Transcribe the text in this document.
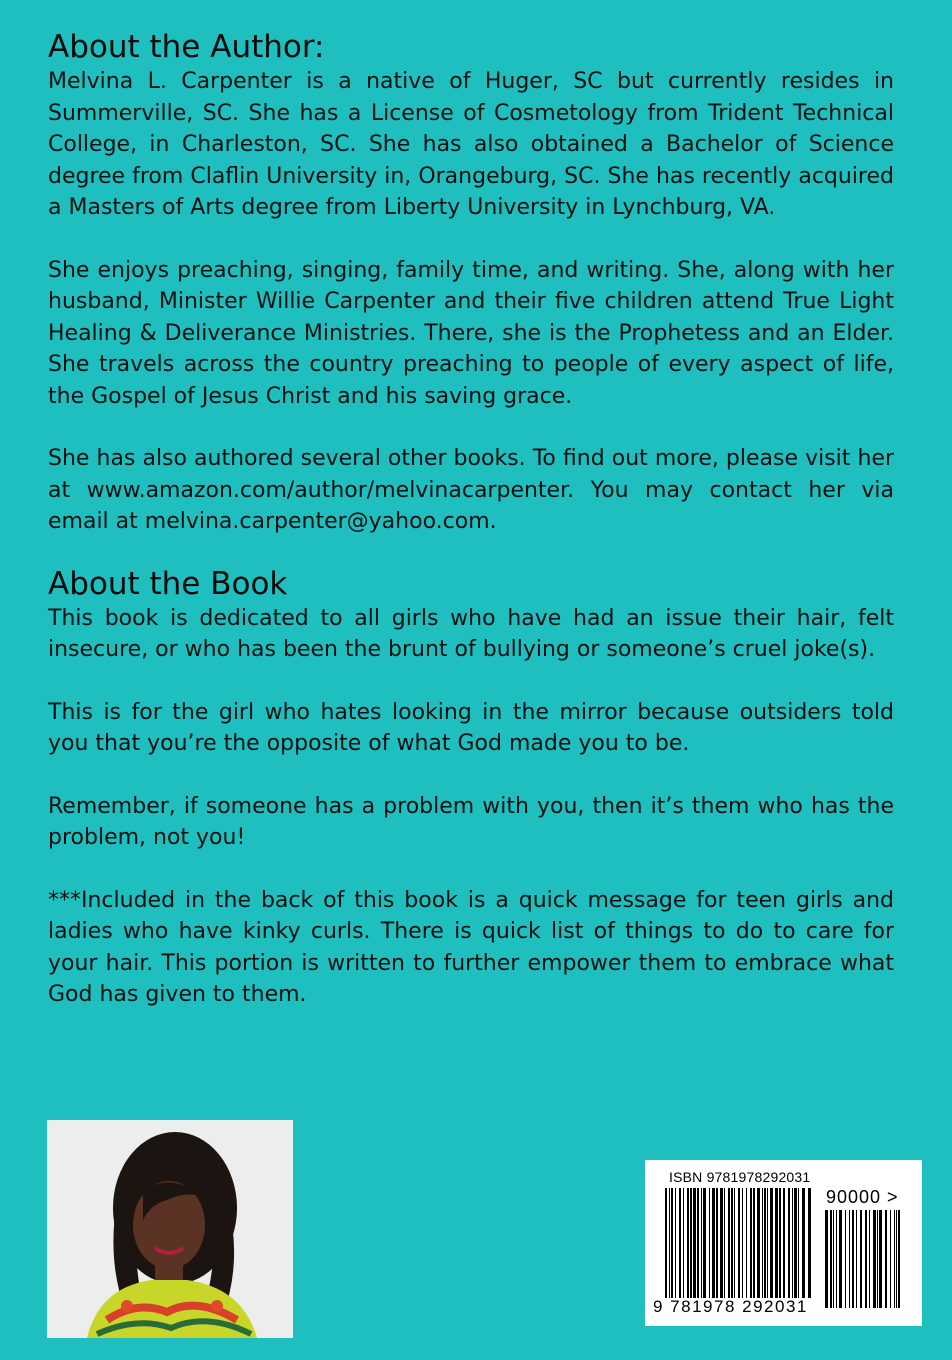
About the Author:

Melvina L. Carpenter is a native of Huger, SC but currently resides in Summerville, SC. She has a License of Cosmetology from Trident Technical College, in Charleston, SC. She has also obtained a Bachelor of Science degree from Claflin University in, Orangeburg, SC. She has recently acquired a Masters of Arts degree from Liberty University in Lynchburg, VA.

She enjoys preaching, singing, family time, and writing. She, along with her husband, Minister Willie Carpenter and their five children attend True Light Healing & Deliverance Ministries. There, she is the Prophetess and an Elder. She travels across the country preaching to people of every aspect of life, the Gospel of Jesus Christ and his saving grace.

She has also authored several other books. To find out more, please visit her at www.amazon.com/author/melvinacarpenter. You may contact her via email at melvina.carpenter@yahoo.com.

About the Book

This book is dedicated to all girls who have had an issue their hair, felt insecure, or who has been the brunt of bullying or someone’s cruel joke(s).

This is for the girl who hates looking in the mirror because outsiders told you that you’re the opposite of what God made you to be.

Remember, if someone has a problem with you, then it’s them who has the problem, not you!

***Included in the back of this book is a quick message for teen girls and ladies who have kinky curls. There is quick list of things to do to care for your hair. This portion is written to further empower them to embrace what God has given to them.

ISBN 9781978292031
90000 >
9 781978 292031
